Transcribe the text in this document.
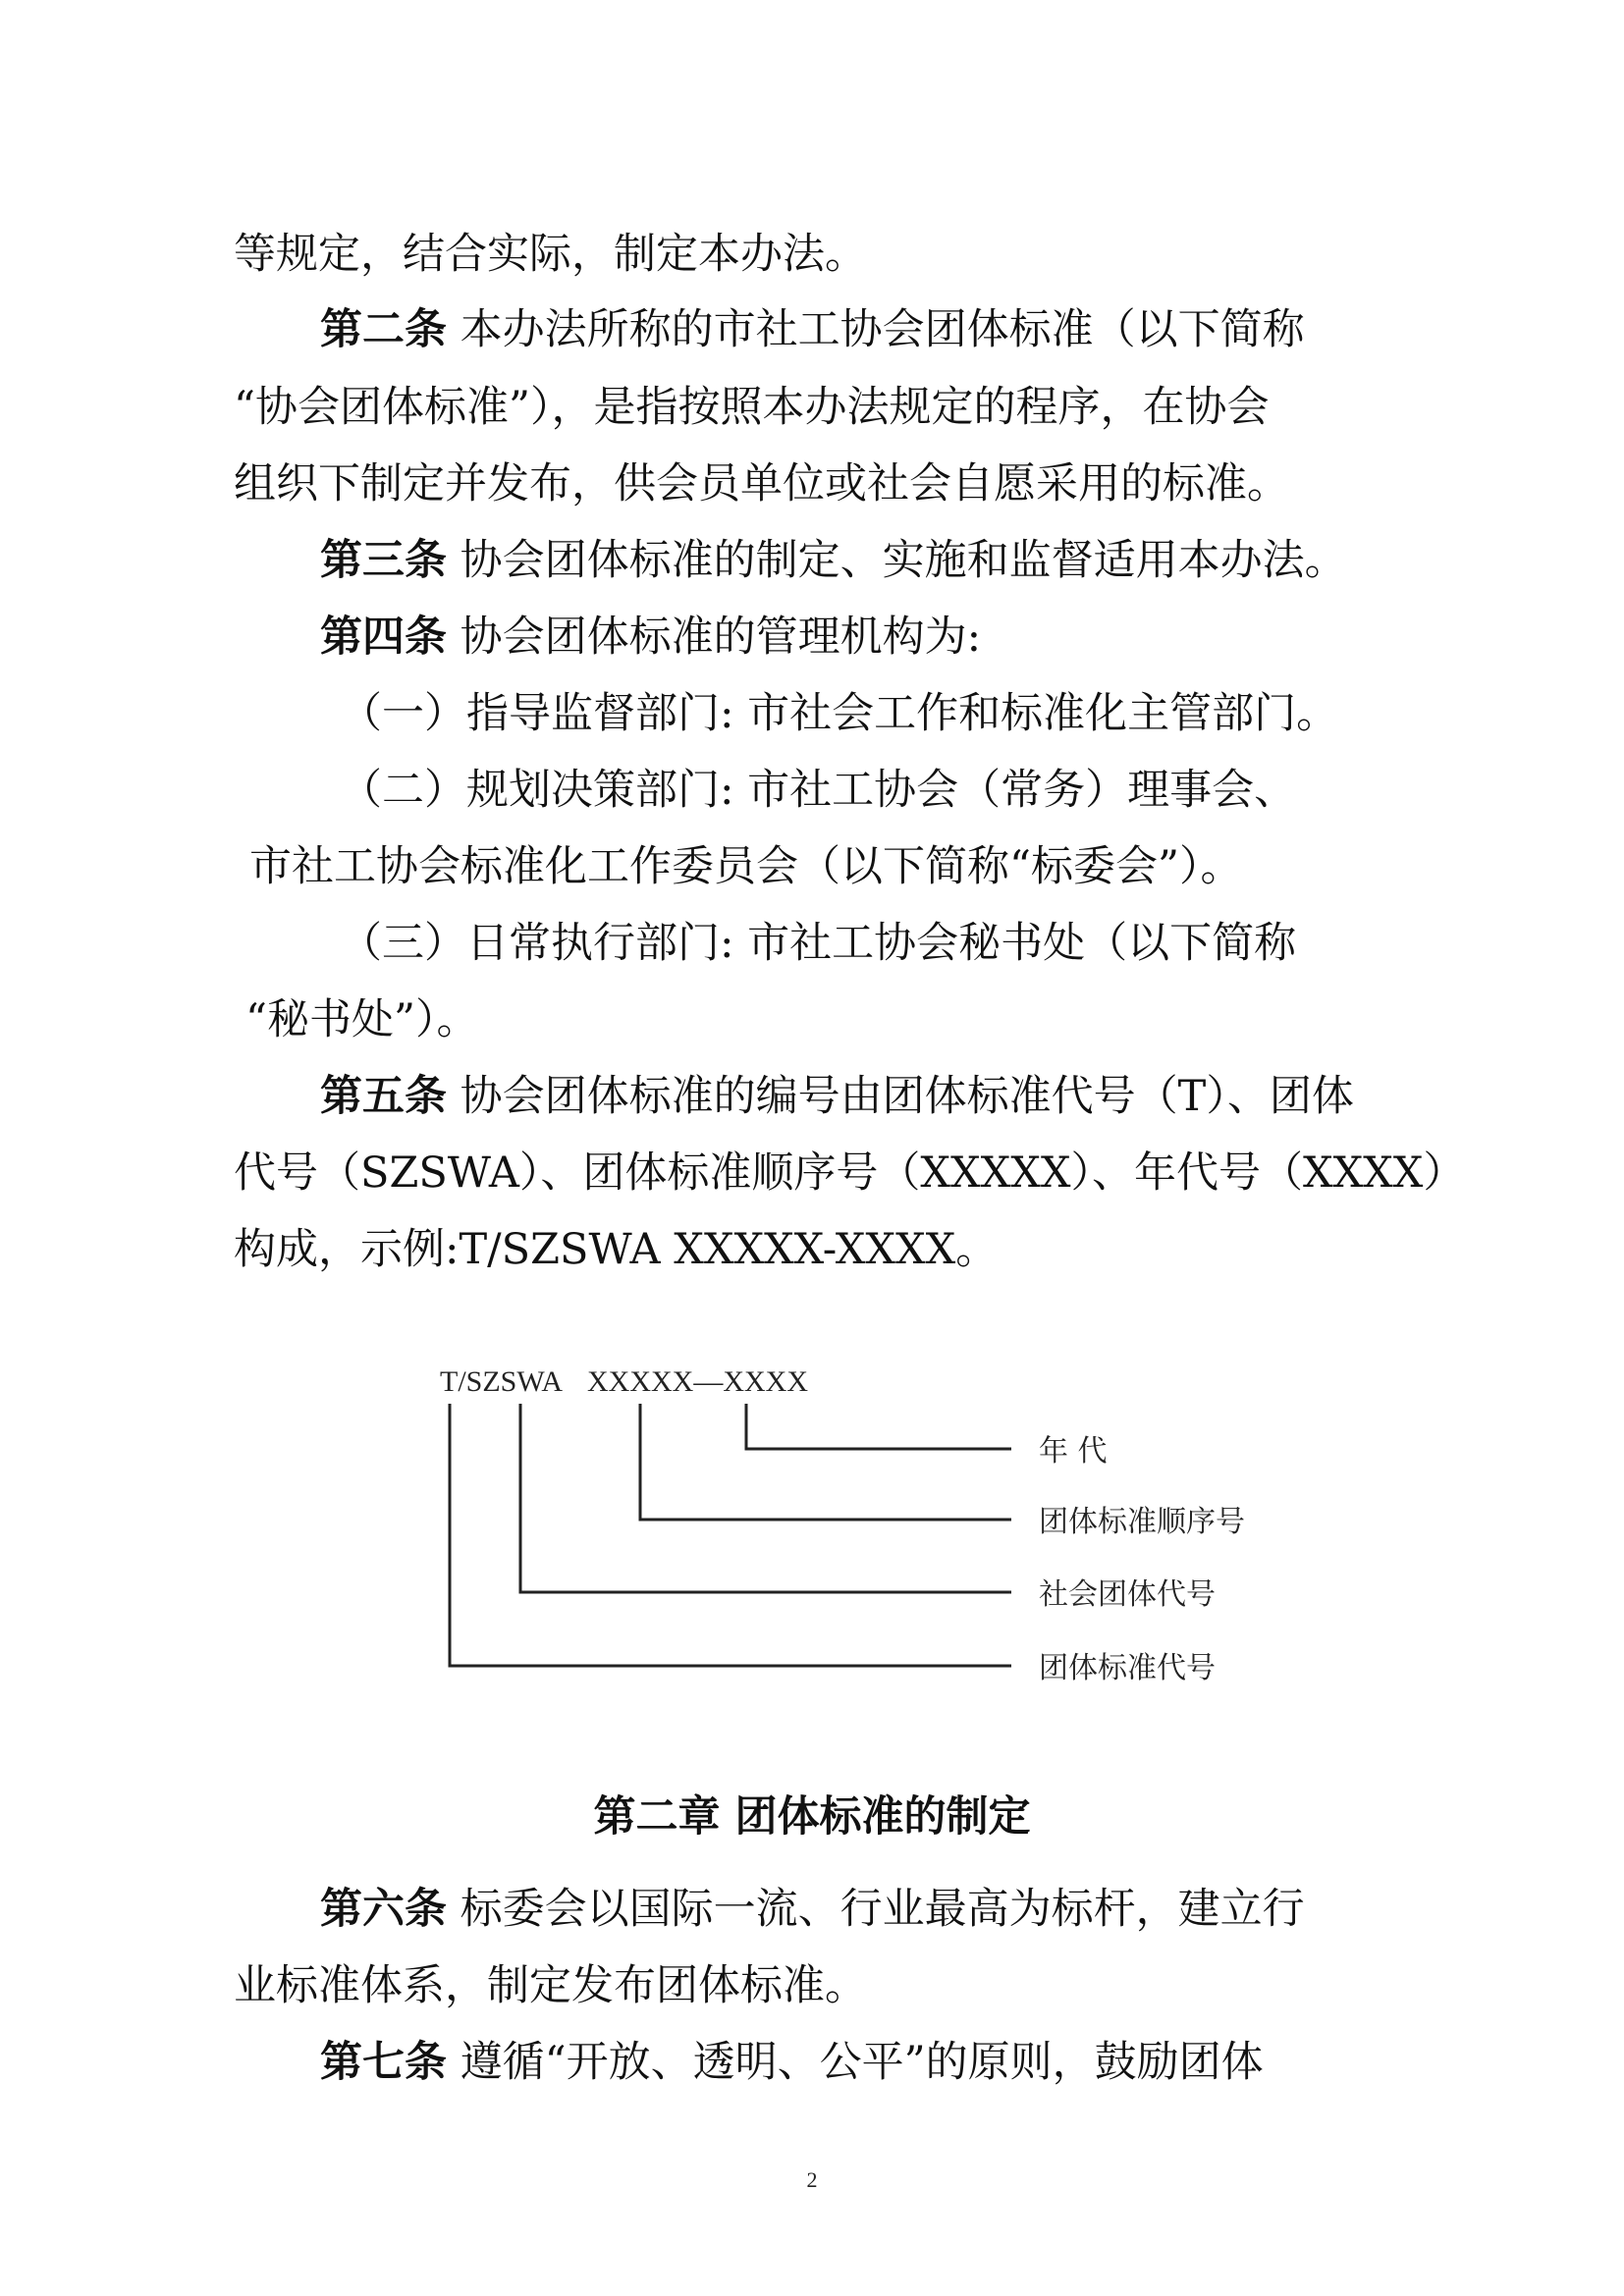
等规定，结合实际，制定本办法。
第二条 本办法所称的市社工协会团体标准（以下简称
“协会团体标准”），是指按照本办法规定的程序，在协会
组织下制定并发布，供会员单位或社会自愿采用的标准。
第三条 协会团体标准的制定、实施和监督适用本办法。
第四条 协会团体标准的管理机构为:
（一）指导监督部门: 市社会工作和标准化主管部门。
（二）规划决策部门: 市社工协会（常务）理事会、
市社工协会标准化工作委员会（以下简称“标委会”）。
（三）日常执行部门: 市社工协会秘书处（以下简称
“秘书处”）。
第五条 协会团体标准的编号由团体标准代号（T）、团体
代号（SZSWA）、团体标准顺序号（XXXXX）、年代号（XXXX）
构成，示例:T/SZSWA XXXXX-XXXX。
T/SZSWA XXXXX—XXXX
年 代
团体标准顺序号
社会团体代号
团体标准代号
第二章 团体标准的制定
第六条 标委会以国际一流、行业最高为标杆，建立行
业标准体系，制定发布团体标准。
第七条 遵循“开放、透明、公平”的原则，鼓励团体
2
